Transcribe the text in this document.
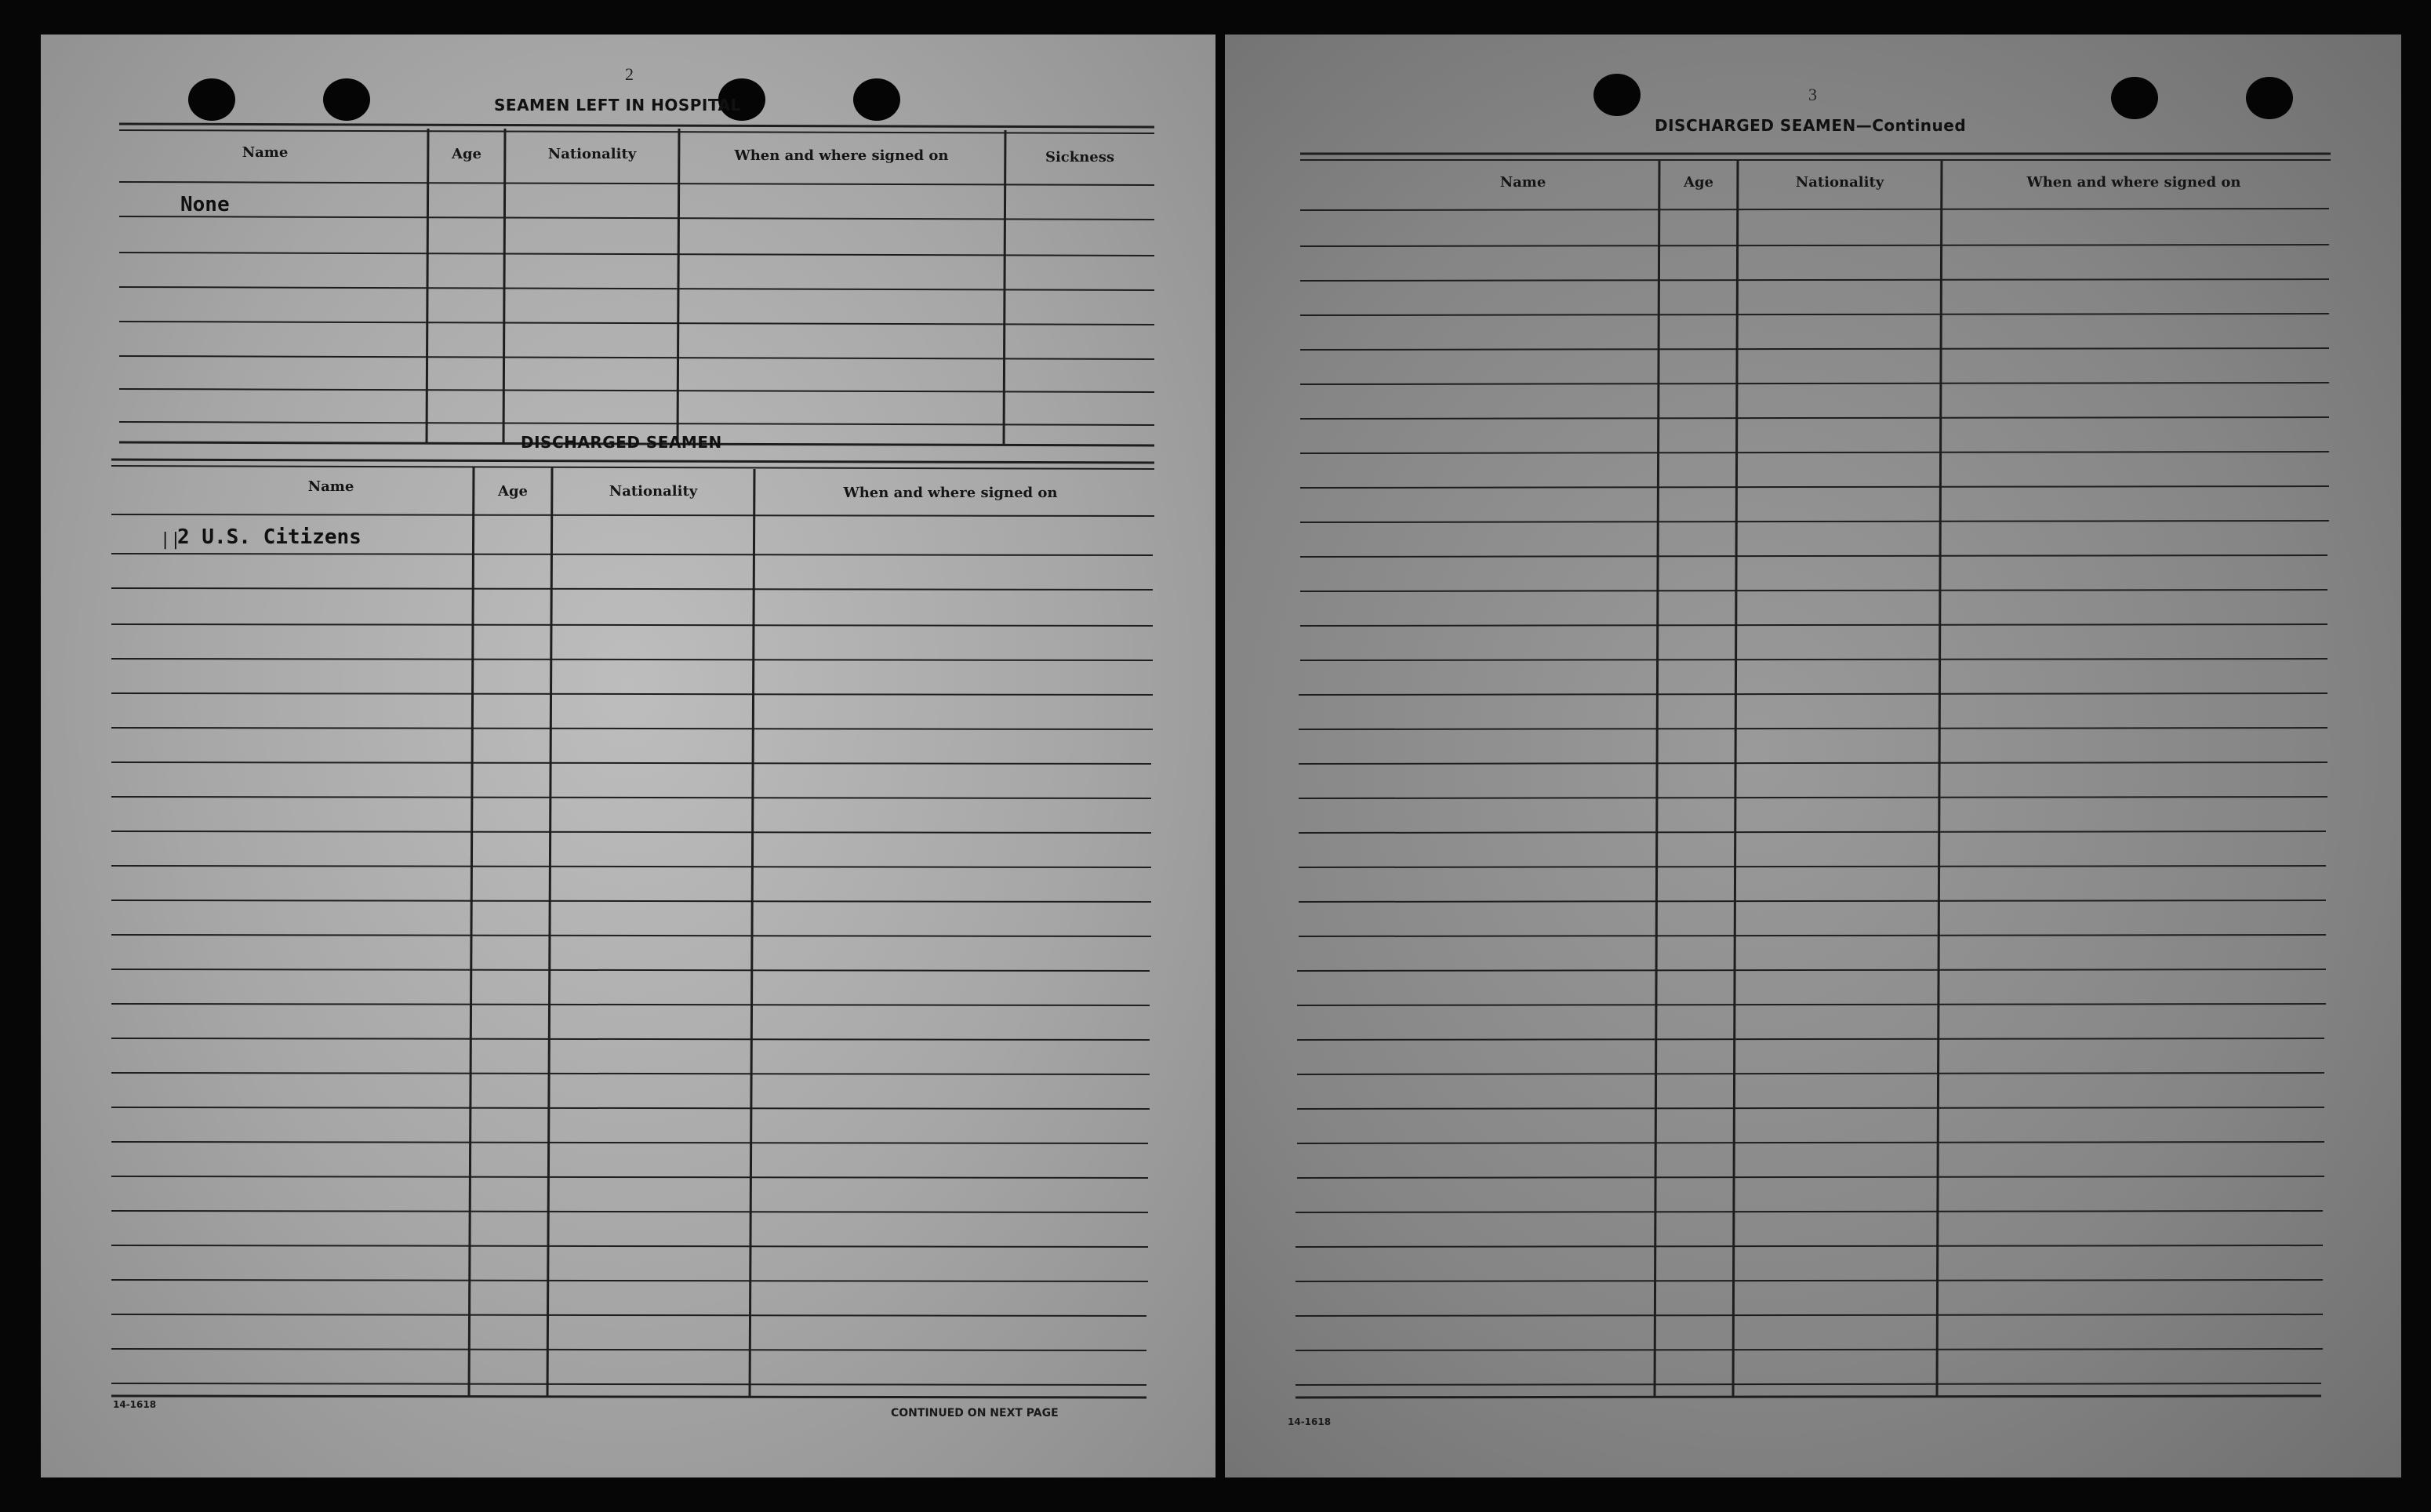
2
SEAMEN LEFT IN HOSPITAL
Name	Age	Nationality	When and where signed on	Sickness
None
DISCHARGED SEAMEN
Name	Age	Nationality	When and where signed on
||
2 U.S. Citizens
14-1618
CONTINUED ON NEXT PAGE
3
DISCHARGED SEAMEN—Continued
Name	Age	Nationality	When and where signed on
14-1618
